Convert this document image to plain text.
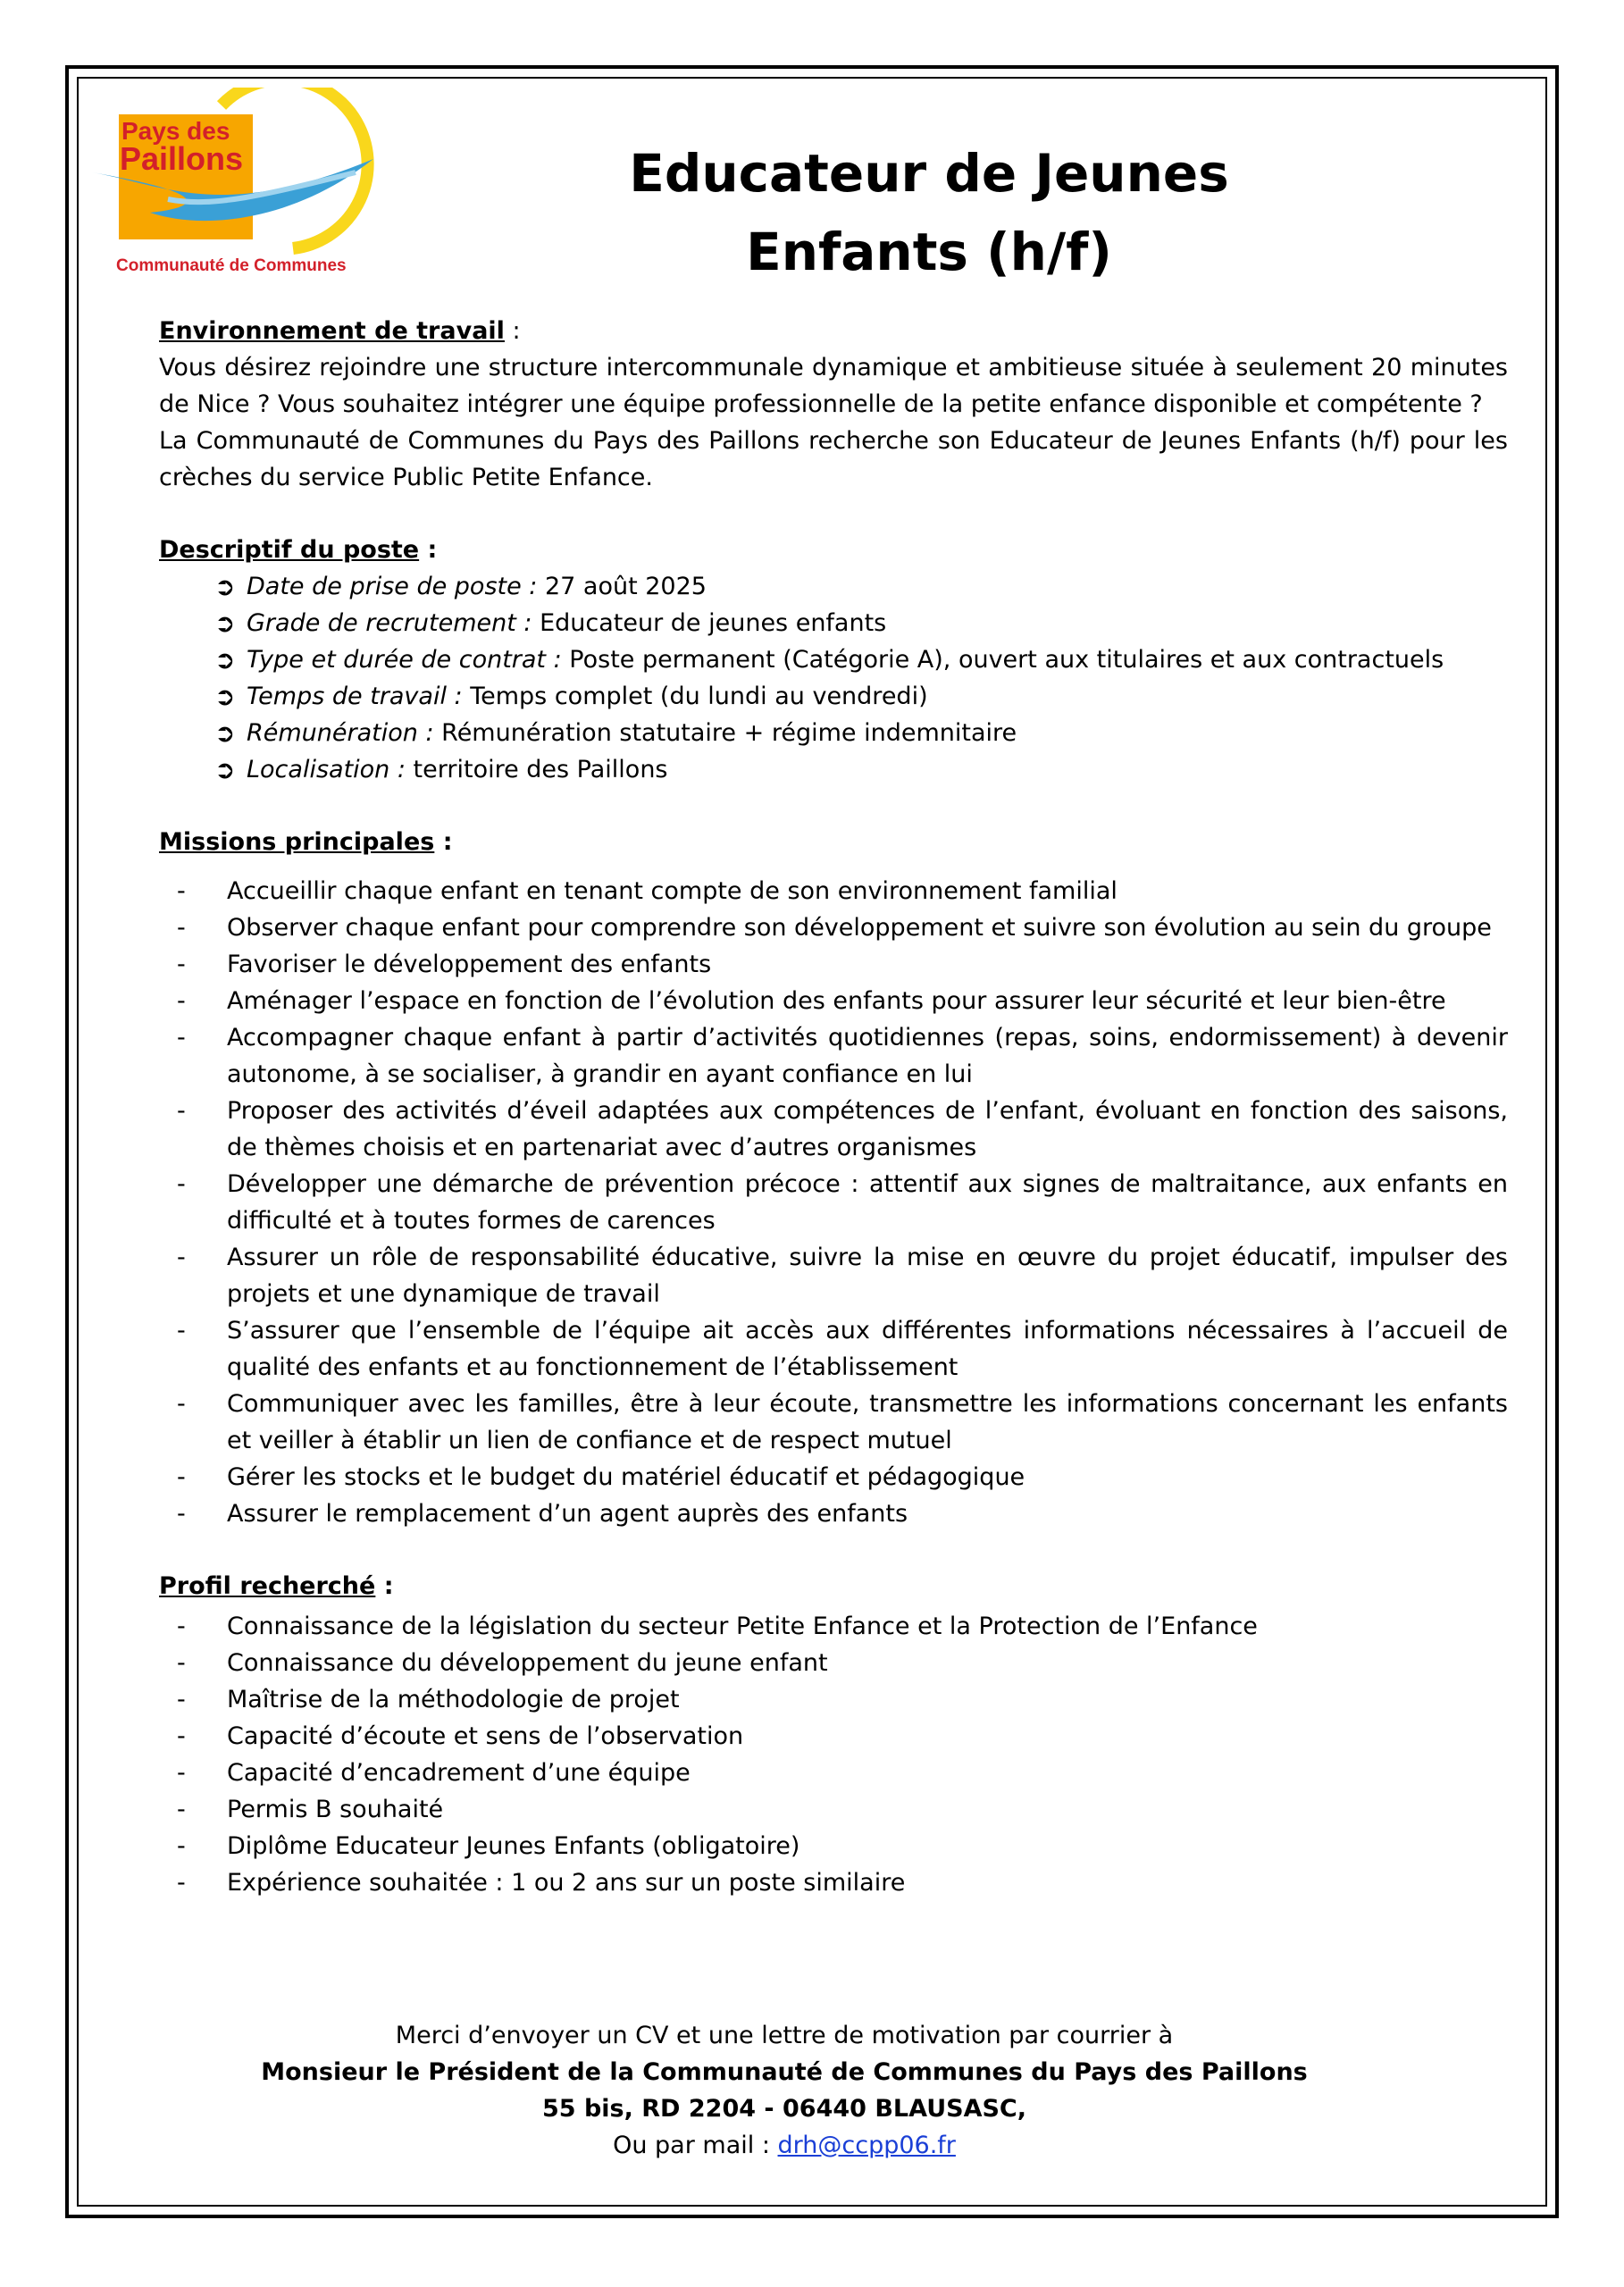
Pays des
Paillons
Communauté de Communes
Educateur de Jeunes
Enfants (h/f)

Environnement de travail :

Vous désirez rejoindre une structure intercommunale dynamique et ambitieuse située à seulement 20 minutes de Nice ? Vous souhaitez intégrer une équipe professionnelle de la petite enfance disponible et compétente ?

La Communauté de Communes du Pays des Paillons recherche son Educateur de Jeunes Enfants (h/f) pour les crèches du service Public Petite Enfance.

Descriptif du poste :

➲ Date de prise de poste : 27 août 2025
➲ Grade de recrutement : Educateur de jeunes enfants
➲ Type et durée de contrat : Poste permanent (Catégorie A), ouvert aux titulaires et aux contractuels
➲ Temps de travail : Temps complet (du lundi au vendredi)
➲ Rémunération : Rémunération statutaire + régime indemnitaire
➲ Localisation : territoire des Paillons

Missions principales :

- Accueillir chaque enfant en tenant compte de son environnement familial
- Observer chaque enfant pour comprendre son développement et suivre son évolution au sein du groupe
- Favoriser le développement des enfants
- Aménager l’espace en fonction de l’évolution des enfants pour assurer leur sécurité et leur bien-être
- Accompagner chaque enfant à partir d’activités quotidiennes (repas, soins, endormissement) à devenir autonome, à se socialiser, à grandir en ayant confiance en lui
- Proposer des activités d’éveil adaptées aux compétences de l’enfant, évoluant en fonction des saisons, de thèmes choisis et en partenariat avec d’autres organismes
- Développer une démarche de prévention précoce : attentif aux signes de maltraitance, aux enfants en difficulté et à toutes formes de carences
- Assurer un rôle de responsabilité éducative, suivre la mise en œuvre du projet éducatif, impulser des projets et une dynamique de travail
- S’assurer que l’ensemble de l’équipe ait accès aux différentes informations nécessaires à l’accueil de qualité des enfants et au fonctionnement de l’établissement
- Communiquer avec les familles, être à leur écoute, transmettre les informations concernant les enfants et veiller à établir un lien de confiance et de respect mutuel
- Gérer les stocks et le budget du matériel éducatif et pédagogique
- Assurer le remplacement d’un agent auprès des enfants

Profil recherché :

- Connaissance de la législation du secteur Petite Enfance et la Protection de l’Enfance
- Connaissance du développement du jeune enfant
- Maîtrise de la méthodologie de projet
- Capacité d’écoute et sens de l’observation
- Capacité d’encadrement d’une équipe
- Permis B souhaité
- Diplôme Educateur Jeunes Enfants (obligatoire)
- Expérience souhaitée : 1 ou 2 ans sur un poste similaire
Merci d’envoyer un CV et une lettre de motivation par courrier à
Monsieur le Président de la Communauté de Communes du Pays des Paillons
55 bis, RD 2204 - 06440 BLAUSASC,
Ou par mail : drh@ccpp06.fr
